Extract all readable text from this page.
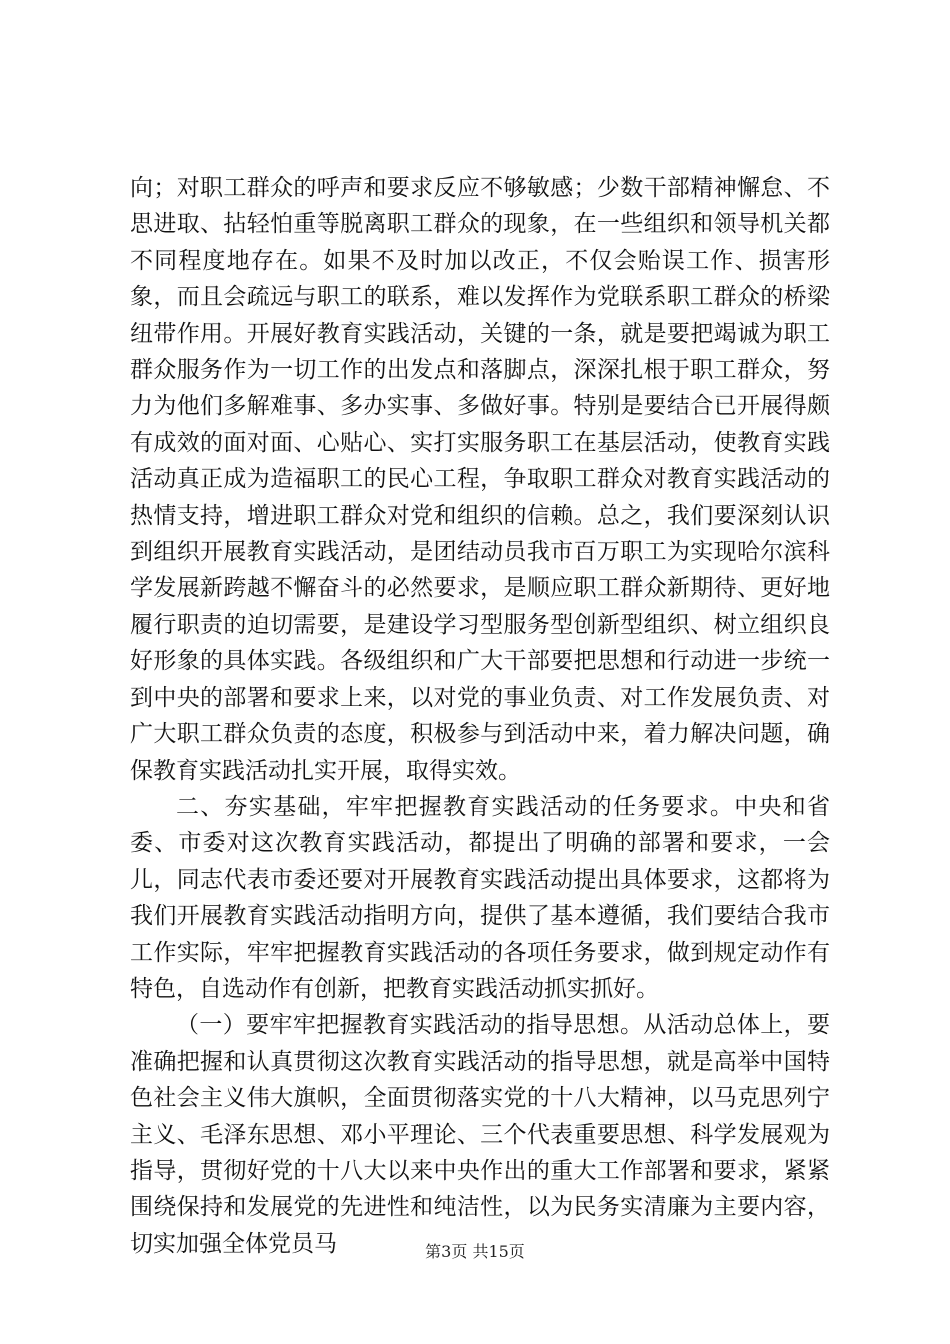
向；对职工群众的呼声和要求反应不够敏感；少数干部精神懈怠、不思进取、拈轻怕重等脱离职工群众的现象，在一些组织和领导机关都不同程度地存在。如果不及时加以改正，不仅会贻误工作、损害形象，而且会疏远与职工的联系，难以发挥作为党联系职工群众的桥梁纽带作用。开展好教育实践活动，关键的一条，就是要把竭诚为职工群众服务作为一切工作的出发点和落脚点，深深扎根于职工群众，努力为他们多解难事、多办实事、多做好事。特别是要结合已开展得颇有成效的面对面、心贴心、实打实服务职工在基层活动，使教育实践活动真正成为造福职工的民心工程，争取职工群众对教育实践活动的热情支持，增进职工群众对党和组织的信赖。总之，我们要深刻认识到组织开展教育实践活动，是团结动员我市百万职工为实现哈尔滨科学发展新跨越不懈奋斗的必然要求，是顺应职工群众新期待、更好地履行职责的迫切需要，是建设学习型服务型创新型组织、树立组织良好形象的具体实践。各级组织和广大干部要把思想和行动进一步统一到中央的部署和要求上来，以对党的事业负责、对工作发展负责、对广大职工群众负责的态度，积极参与到活动中来，着力解决问题，确保教育实践活动扎实开展，取得实效。

二、夯实基础，牢牢把握教育实践活动的任务要求。中央和省委、市委对这次教育实践活动，都提出了明确的部署和要求，一会儿，同志代表市委还要对开展教育实践活动提出具体要求，这都将为我们开展教育实践活动指明方向，提供了基本遵循，我们要结合我市工作实际，牢牢把握教育实践活动的各项任务要求，做到规定动作有特色，自选动作有创新，把教育实践活动抓实抓好。

（一）要牢牢把握教育实践活动的指导思想。从活动总体上，要准确把握和认真贯彻这次教育实践活动的指导思想，就是高举中国特色社会主义伟大旗帜，全面贯彻落实党的十八大精神，以马克思列宁主义、毛泽东思想、邓小平理论、三个代表重要思想、科学发展观为指导，贯彻好党的十八大以来中央作出的重大工作部署和要求，紧紧围绕保持和发展党的先进性和纯洁性，以为民务实清廉为主要内容，切实加强全体党员马	第3页 共15页
